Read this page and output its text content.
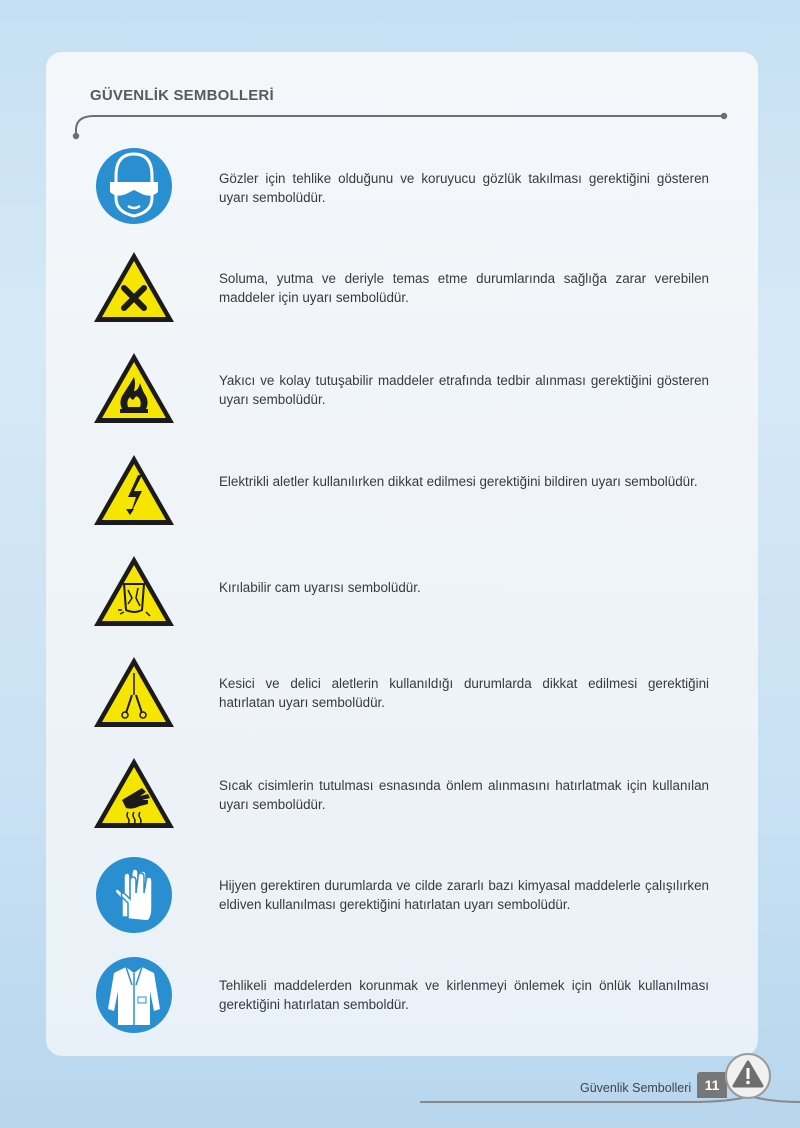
GÜVENLİK SEMBOLLERİ
Gözler için tehlike olduğunu ve koruyucu gözlük takılması gerektiğini gösteren uyarı sembolüdür.
Soluma, yutma ve deriyle temas etme durumlarında sağlığa zarar verebilen maddeler için uyarı sembolüdür.
Yakıcı ve kolay tutuşabilir maddeler etrafında tedbir alınması gerektiğini gösteren uyarı sembolüdür.
Elektrikli aletler kullanılırken dikkat edilmesi gerektiğini bildiren uyarı sembolüdür.
Kırılabilir cam uyarısı sembolüdür.
Kesici ve delici aletlerin kullanıldığı durumlarda dikkat edilmesi gerektiğini hatırlatan uyarı sembolüdür.
Sıcak cisimlerin tutulması esnasında önlem alınmasını hatırlatmak için kullanılan uyarı sembolüdür.
Hijyen gerektiren durumlarda ve cilde zararlı bazı kimyasal maddelerle çalışılırken eldiven kullanılması gerektiğini hatırlatan uyarı sembolüdür.
Tehlikeli maddelerden korunmak ve kirlenmeyi önlemek için önlük kullanılması gerektiğini hatırlatan semboldür.
Güvenlik Sembolleri 11
